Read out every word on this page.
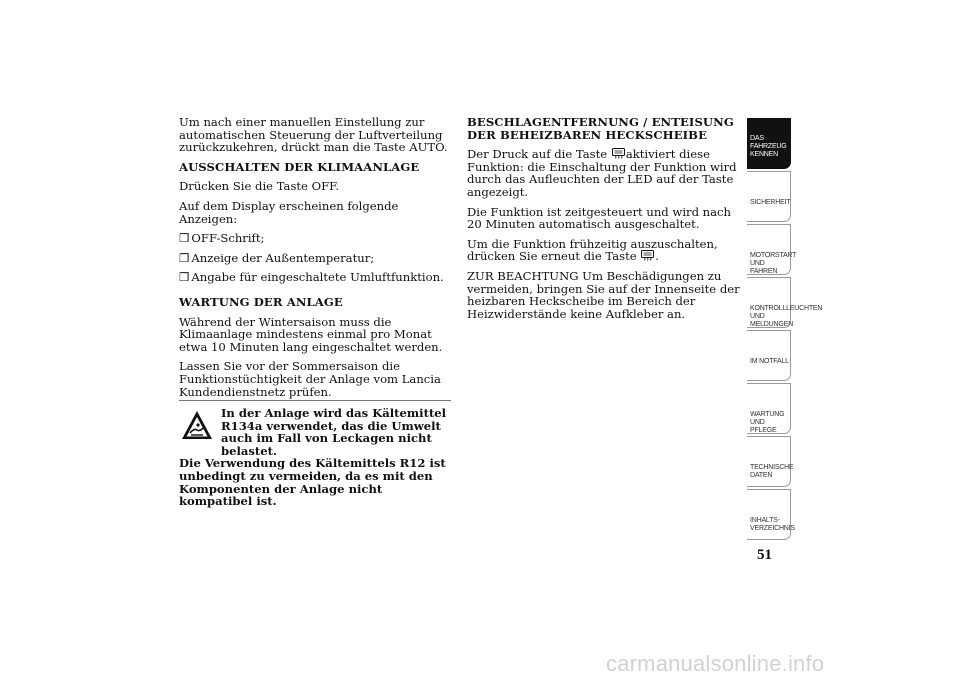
Um nach einer manuellen Einstellung zur automatischen Steuerung der Luftverteilung zurückzukehren, drückt man die Taste AUTO.

AUSSCHALTEN DER KLIMAANLAGE

Drücken Sie die Taste OFF.

Auf dem Display erscheinen folgende Anzeigen:

❒ OFF-Schrift;

❒ Anzeige der Außentemperatur;

❒ Angabe für eingeschaltete Umluftfunktion.

WARTUNG DER ANLAGE

Während der Wintersaison muss die Klimaanlage mindestens einmal pro Monat etwa 10 Minuten lang eingeschaltet werden.

Lassen Sie vor der Sommersaison die Funktionstüchtigkeit der Anlage vom Lancia Kundendienstnetz prüfen.

In der Anlage wird das Kältemittel R134a verwendet, das die Umwelt auch im Fall von Leckagen nicht belastet.
Die Verwendung des Kältemittels R12 ist unbedingt zu vermeiden, da es mit den Komponenten der Anlage nicht kompatibel ist.

BESCHLAGENTFERNUNG / ENTEISUNG DER BEHEIZBAREN HECKSCHEIBE

Der Druck auf die Taste aktiviert diese Funktion: die Einschaltung der Funktion wird durch das Aufleuchten der LED auf der Taste angezeigt.

Die Funktion ist zeitgesteuert und wird nach 20 Minuten automatisch ausgeschaltet.

Um die Funktion frühzeitig auszuschalten, drücken Sie erneut die Taste .

ZUR BEACHTUNG Um Beschädigungen zu vermeiden, bringen Sie auf der Innenseite der heizbaren Heckscheibe im Bereich der Heizwiderstände keine Aufkleber an.

DAS FAHRZEUG
KENNEN
SICHERHEIT

MOTORSTART UND
FAHREN
KONTROLLLEUCHTEN
UND MELDUNGEN
IM NOTFALL

WARTUNG UND
PFLEGE
TECHNISCHE
DATEN
INHALTS-
VERZEICHNIS
51
carmanualsonline.info
